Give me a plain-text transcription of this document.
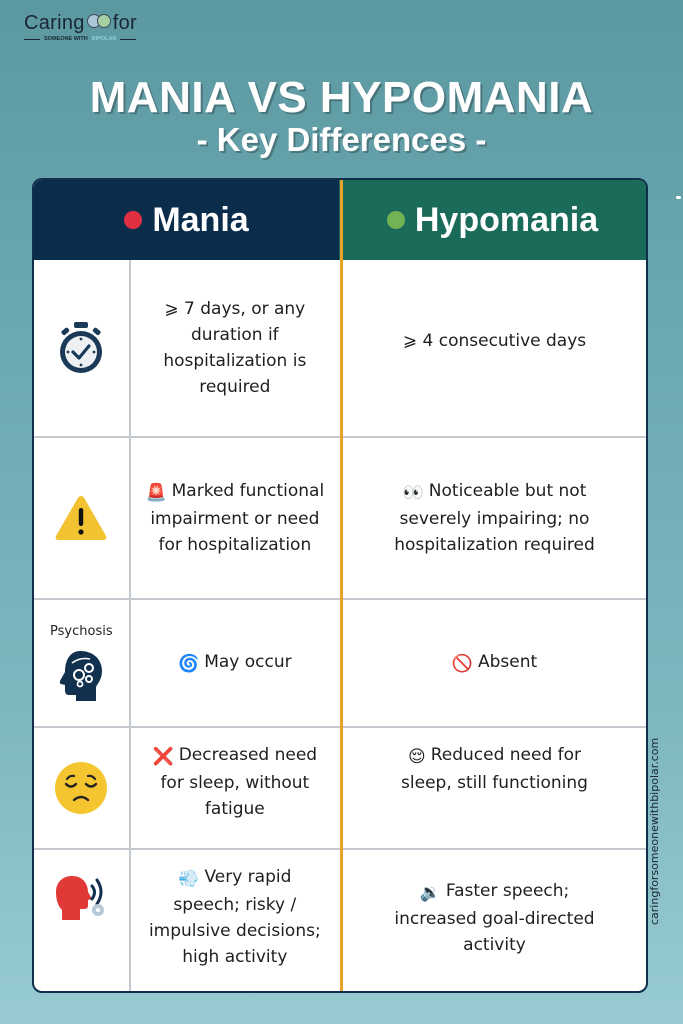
Caring for
SOMEONE WITH BIPOLAR
MANIA VS HYPOMANIA
- Key Differences -
Mania	Hypomania
⩾ 7 days, or any duration if hospitalization is required
⩾ 4 consecutive days
🚨 Marked functional impairment or need for hospitalization
👀 Noticeable but not severely impairing; no hospitalization required
Psychosis
🌀 May occur	🚫 Absent
❌ Decreased need for sleep, without fatigue
😌 Reduced need for sleep, still functioning
💨 Very rapid speech; risky / impulsive decisions; high activity
🔉 Faster speech; increased goal-directed activity
caringforsomeonewithbipolar.com
